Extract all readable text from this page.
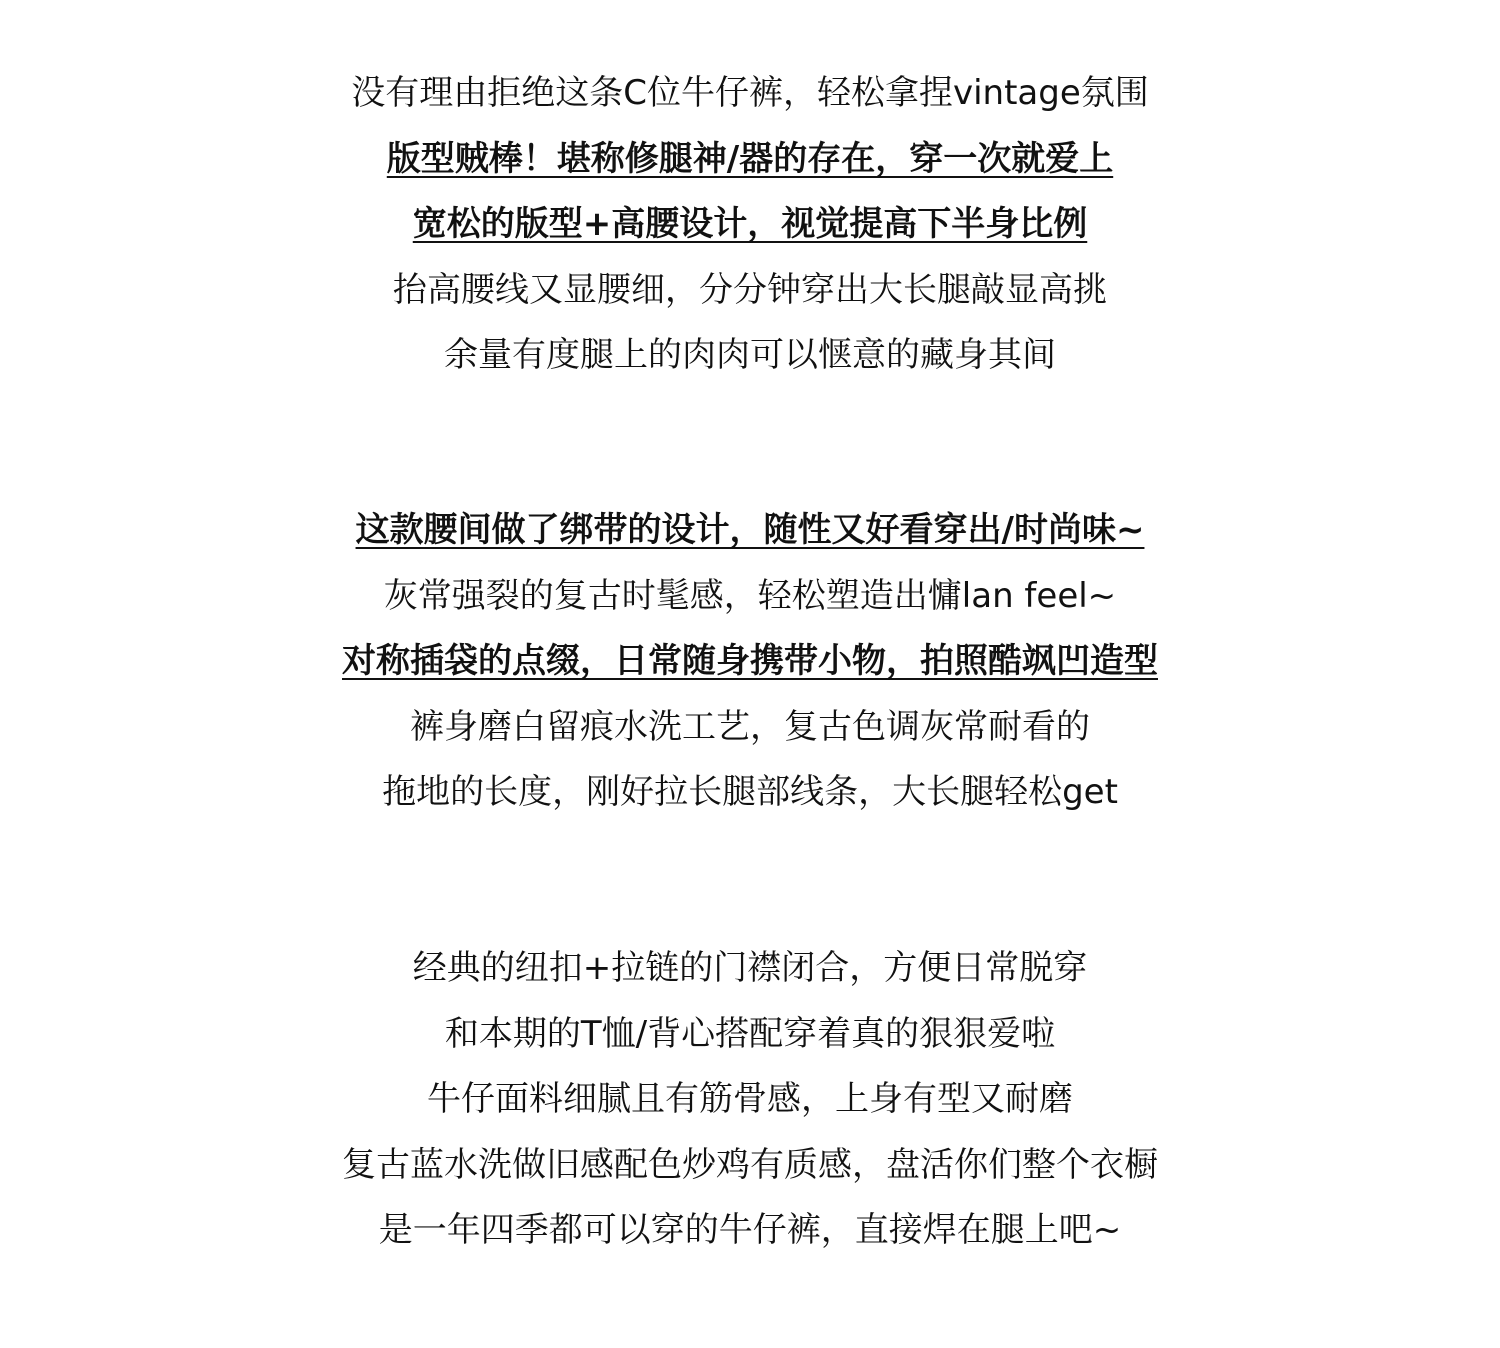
没有理由拒绝这条C位牛仔裤，轻松拿捏vintage氛围
版型贼棒！堪称修腿神/器的存在，穿一次就爱上
宽松的版型+高腰设计，视觉提高下半身比例
抬高腰线又显腰细，分分钟穿出大长腿敲显高挑
余量有度腿上的肉肉可以惬意的藏身其间
这款腰间做了绑带的设计，随性又好看穿出/时尚味~
灰常强裂的复古时髦感，轻松塑造出慵lan feel~
对称插袋的点缀，日常随身携带小物，拍照酷飒凹造型
裤身磨白留痕水洗工艺，复古色调灰常耐看的
拖地的长度，刚好拉长腿部线条，大长腿轻松get
经典的纽扣+拉链的门襟闭合，方便日常脱穿
和本期的T恤/背心搭配穿着真的狠狠爱啦
牛仔面料细腻且有筋骨感，上身有型又耐磨
复古蓝水洗做旧感配色炒鸡有质感，盘活你们整个衣橱
是一年四季都可以穿的牛仔裤，直接焊在腿上吧~
